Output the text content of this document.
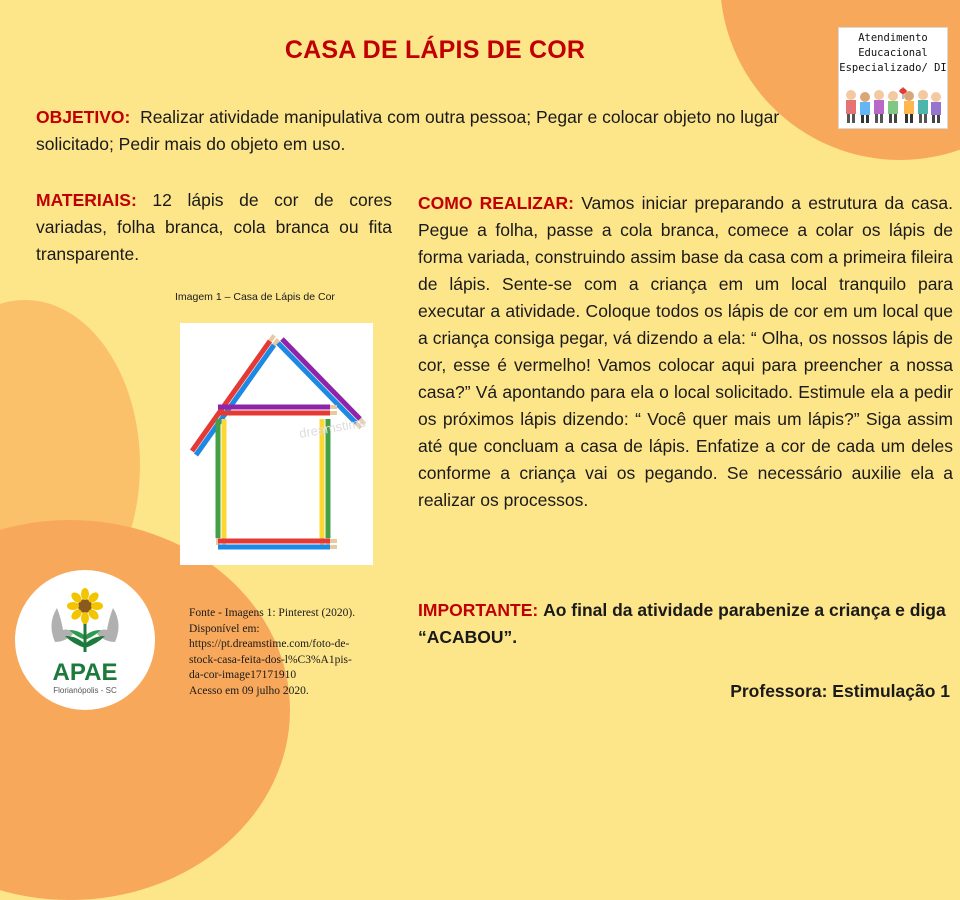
CASA DE LÁPIS DE COR	Atendimento
Educacional
Especializado/ DI
OBJETIVO: Realizar atividade manipulativa com outra pessoa; Pegar e colocar objeto no lugar solicitado; Pedir mais do objeto em uso.
MATERIAIS: 12 lápis de cor de cores variadas, folha branca, cola branca ou fita transparente.
Imagem 1 – Casa de Lápis de Cor
dreamstime
Fonte - Imagens 1: Pinterest (2020).
Disponível em:
https://pt.dreamstime.com/foto-de-
stock-casa-feita-dos-l%C3%A1pis-
da-cor-image17171910
Acesso em 09 julho 2020.
COMO REALIZAR: Vamos iniciar preparando a estrutura da casa. Pegue a folha, passe a cola branca, comece a colar os lápis de forma variada, construindo assim base da casa com a primeira fileira de lápis. Sente-se com a criança em um local tranquilo para executar a atividade. Coloque todos os lápis de cor em um local que a criança consiga pegar, vá dizendo a ela: “ Olha, os nossos lápis de cor, esse é vermelho! Vamos colocar aqui para preencher a nossa casa?” Vá apontando para ela o local solicitado. Estimule ela a pedir os próximos lápis dizendo: “ Você quer mais um lápis?” Siga assim até que concluam a casa de lápis. Enfatize a cor de cada um deles conforme a criança vai os pegando. Se necessário auxilie ela a realizar os processos.
IMPORTANTE: Ao final da atividade parabenize a criança e diga “ACABOU”.
Professora: Estimulação 1
APAE
Florianópolis - SC
